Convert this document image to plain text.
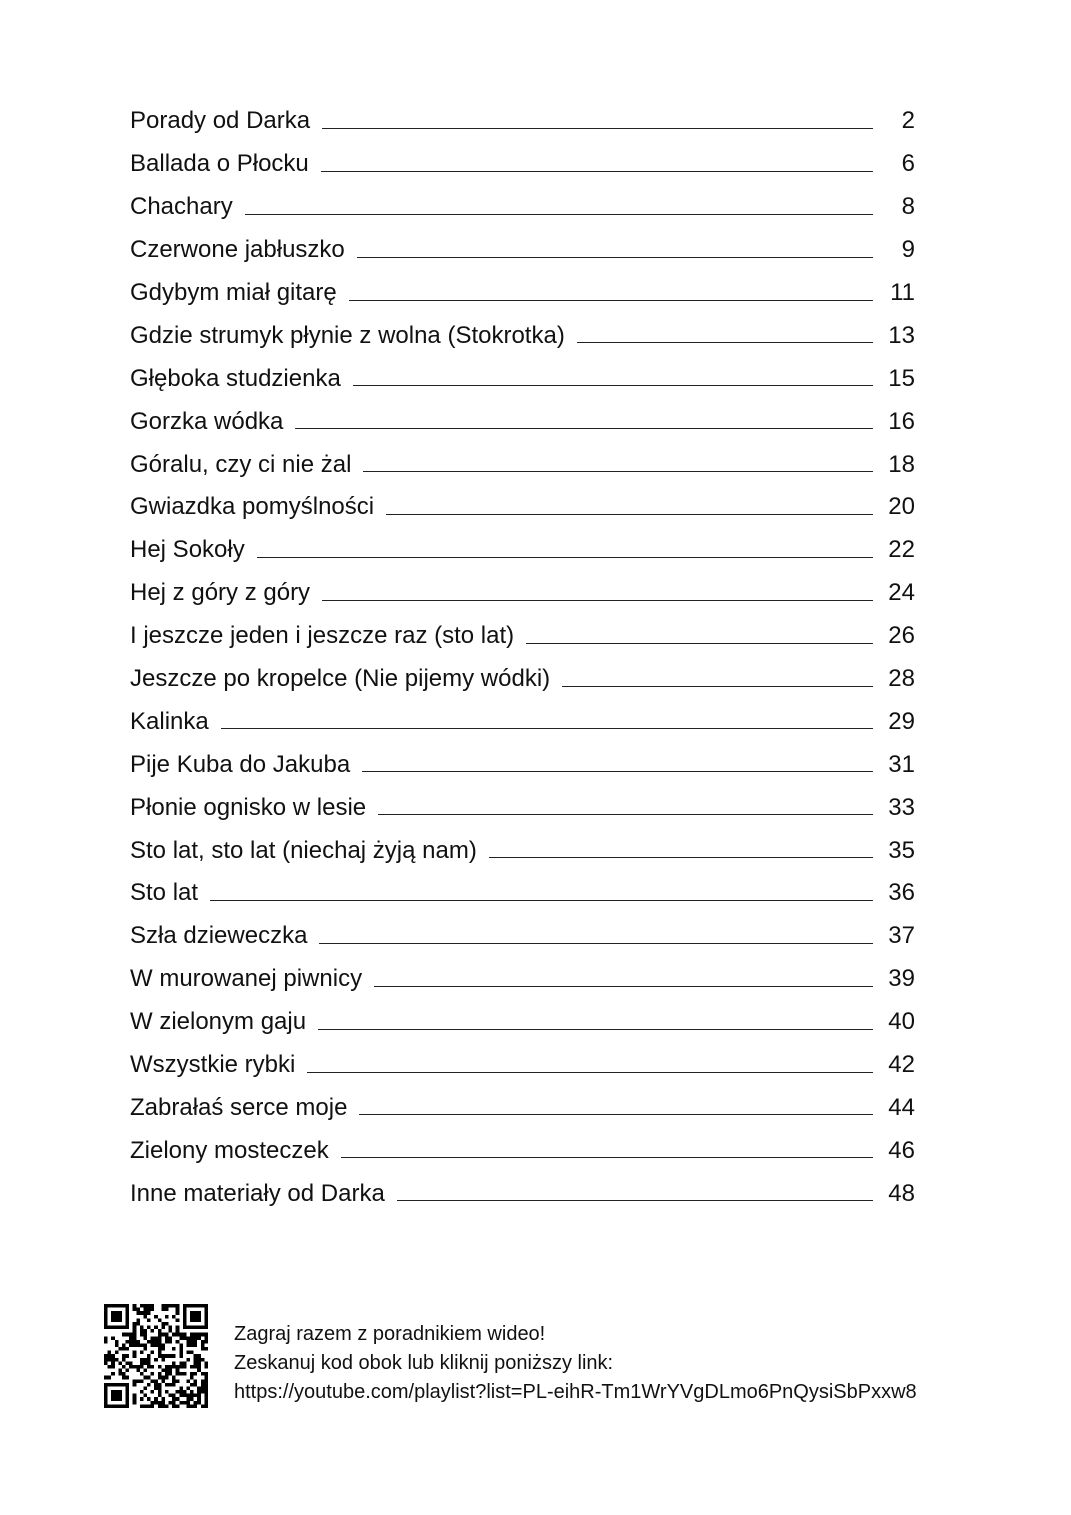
Porady od Darka	2
Ballada o Płocku	6
Chachary	8
Czerwone jabłuszko	9
Gdybym miał gitarę	11
Gdzie strumyk płynie z wolna (Stokrotka)	13
Głęboka studzienka	15
Gorzka wódka	16
Góralu, czy ci nie żal	18
Gwiazdka pomyślności	20
Hej Sokoły	22
Hej z góry z góry	24
I jeszcze jeden i jeszcze raz (sto lat)	26
Jeszcze po kropelce (Nie pijemy wódki)	28
Kalinka	29
Pije Kuba do Jakuba	31
Płonie ognisko w lesie	33
Sto lat, sto lat (niechaj żyją nam)	35
Sto lat	36
Szła dzieweczka	37
W murowanej piwnicy	39
W zielonym gaju	40
Wszystkie rybki	42
Zabrałaś serce moje	44
Zielony mosteczek	46
Inne materiały od Darka	48
Zagraj razem z poradnikiem wideo!
Zeskanuj kod obok lub kliknij poniższy link:
https://youtube.com/playlist?list=PL-eihR-Tm1WrYVgDLmo6PnQysiSbPxxw8
